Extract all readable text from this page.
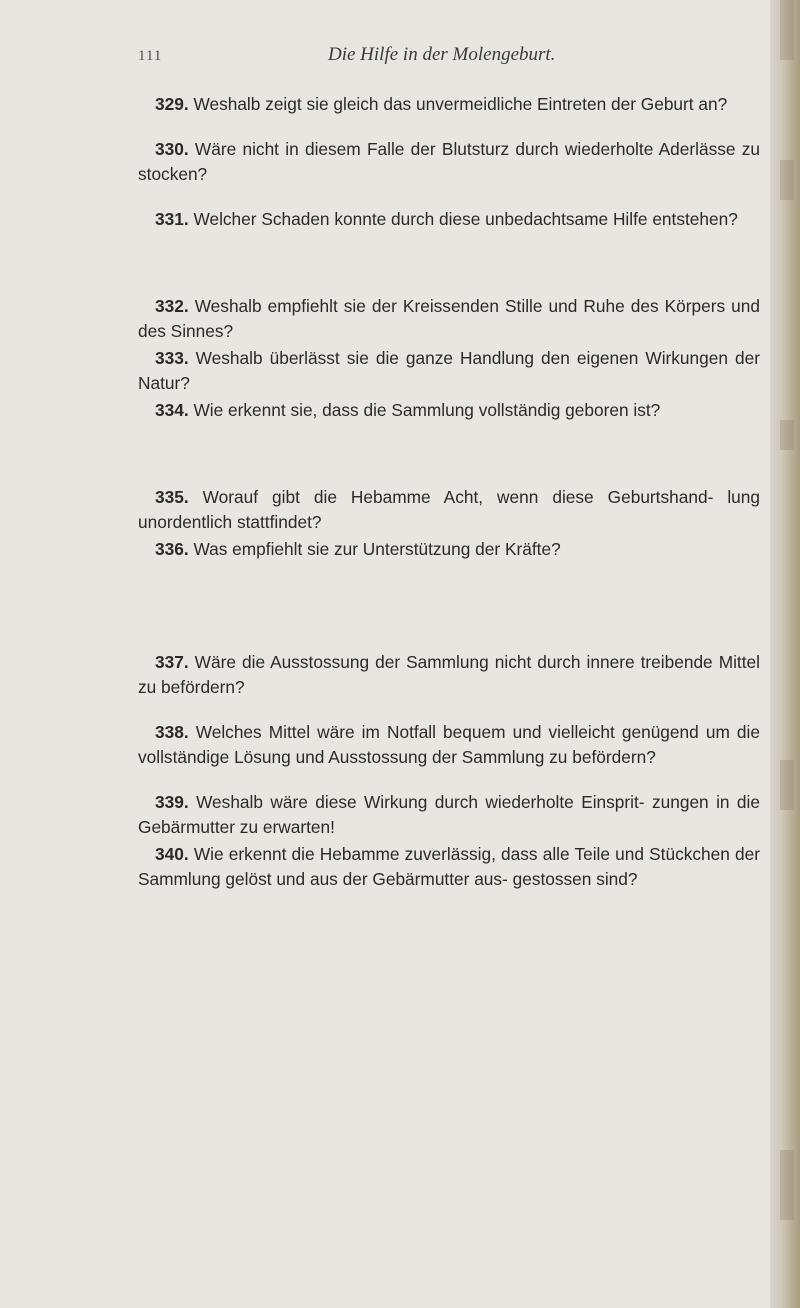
111	Die Hilfe in der Molengeburt.

329. Weshalb zeigt sie gleich das unvermeidliche Eintreten der Geburt an?

330. Wäre nicht in diesem Falle der Blutsturz durch wiederholte Aderlässe zu stocken?

331. Welcher Schaden konnte durch diese unbedachtsame Hilfe entstehen?

332. Weshalb empfiehlt sie der Kreissenden Stille und Ruhe des Körpers und des Sinnes?

333. Weshalb überlässt sie die ganze Handlung den eigenen Wirkungen der Natur?

334. Wie erkennt sie, dass die Sammlung vollständig geboren ist?

335. Worauf gibt die Hebamme Acht, wenn diese Geburtshand- lung unordentlich stattfindet?

336. Was empfiehlt sie zur Unterstützung der Kräfte?

337. Wäre die Ausstossung der Sammlung nicht durch innere treibende Mittel zu befördern?

338. Welches Mittel wäre im Notfall bequem und vielleicht genügend um die vollständige Lösung und Ausstossung der Sammlung zu befördern?

339. Weshalb wäre diese Wirkung durch wiederholte Einsprit- zungen in die Gebärmutter zu erwarten!

340. Wie erkennt die Hebamme zuverlässig, dass alle Teile und Stückchen der Sammlung gelöst und aus der Gebärmutter aus- gestossen sind?
